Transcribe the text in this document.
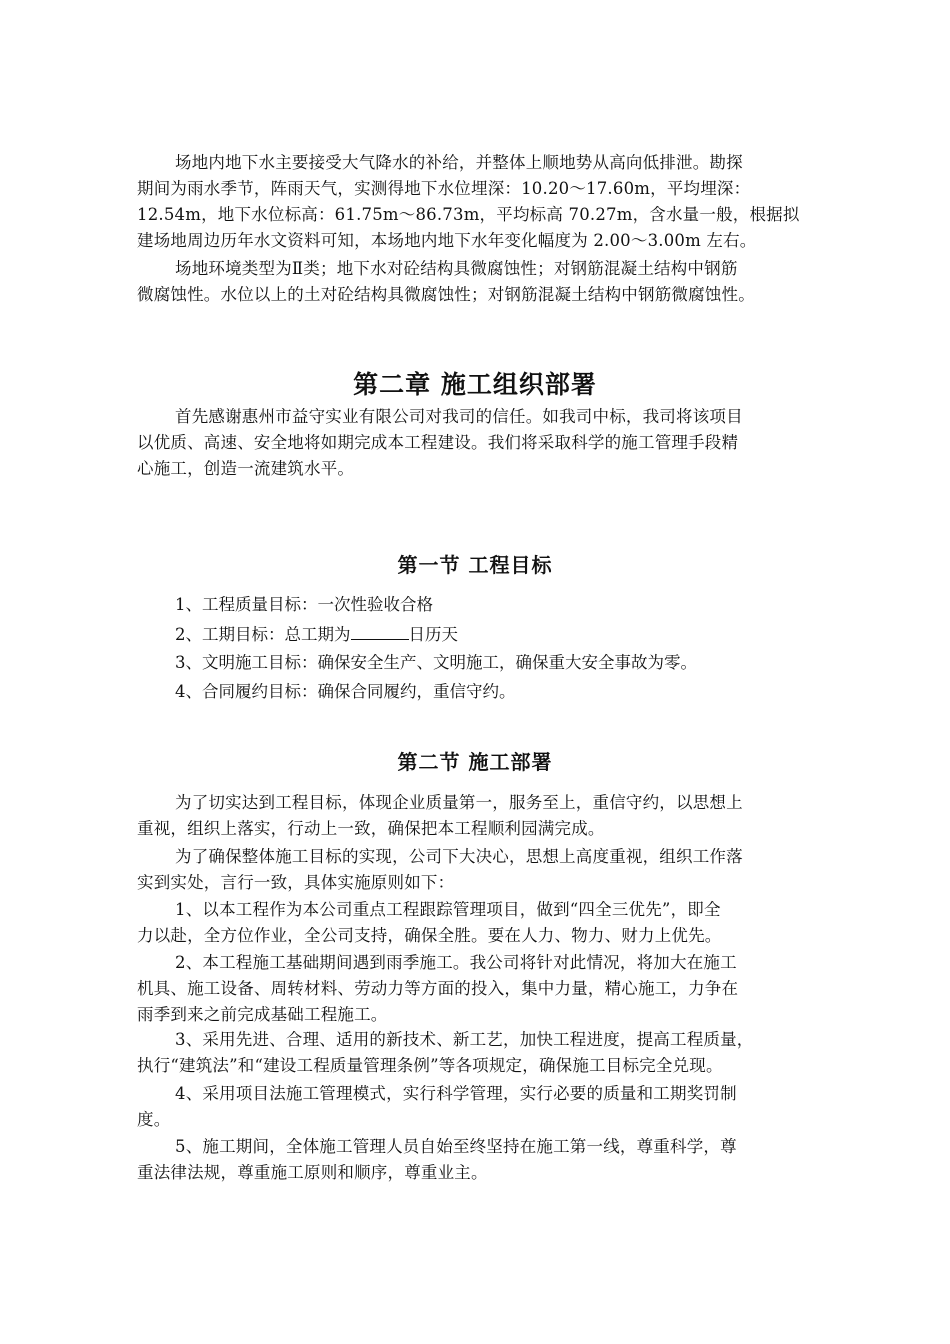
场地内地下水主要接受大气降水的补给，并整体上顺地势从高向低排泄。勘探
期间为雨水季节，阵雨天气，实测得地下水位埋深：10.20～17.60m，平均埋深：
12.54m，地下水位标高：61.75m～86.73m，平均标高 70.27m，含水量一般，根据拟
建场地周边历年水文资料可知，本场地内地下水年变化幅度为 2.00～3.00m 左右。
场地环境类型为Ⅱ类；地下水对砼结构具微腐蚀性；对钢筋混凝土结构中钢筋
微腐蚀性。水位以上的土对砼结构具微腐蚀性；对钢筋混凝土结构中钢筋微腐蚀性。
第二章 施工组织部署
首先感谢惠州市益守实业有限公司对我司的信任。如我司中标，我司将该项目
以优质、高速、安全地将如期完成本工程建设。我们将采取科学的施工管理手段精
心施工，创造一流建筑水平。
第一节 工程目标

1、工程质量目标：一次性验收合格

2、工期目标：总工期为	日历天

3、文明施工目标：确保安全生产、文明施工，确保重大安全事故为零。

4、合同履约目标：确保合同履约，重信守约。

第二节 施工部署
为了切实达到工程目标，体现企业质量第一，服务至上，重信守约，以思想上
重视，组织上落实，行动上一致，确保把本工程顺利园满完成。
为了确保整体施工目标的实现，公司下大决心，思想上高度重视，组织工作落
实到实处，言行一致，具体实施原则如下：
1、以本工程作为本公司重点工程跟踪管理项目，做到“四全三优先”，即全
力以赴，全方位作业，全公司支持，确保全胜。要在人力、物力、财力上优先。
2、本工程施工基础期间遇到雨季施工。我公司将针对此情况，将加大在施工
机具、施工设备、周转材料、劳动力等方面的投入，集中力量，精心施工，力争在
雨季到来之前完成基础工程施工。
3、采用先进、合理、适用的新技术、新工艺，加快工程进度，提高工程质量，
执行“建筑法”和“建设工程质量管理条例”等各项规定，确保施工目标完全兑现。
4、采用项目法施工管理模式，实行科学管理，实行必要的质量和工期奖罚制
度。
5、施工期间，全体施工管理人员自始至终坚持在施工第一线，尊重科学，尊
重法律法规，尊重施工原则和顺序，尊重业主。
